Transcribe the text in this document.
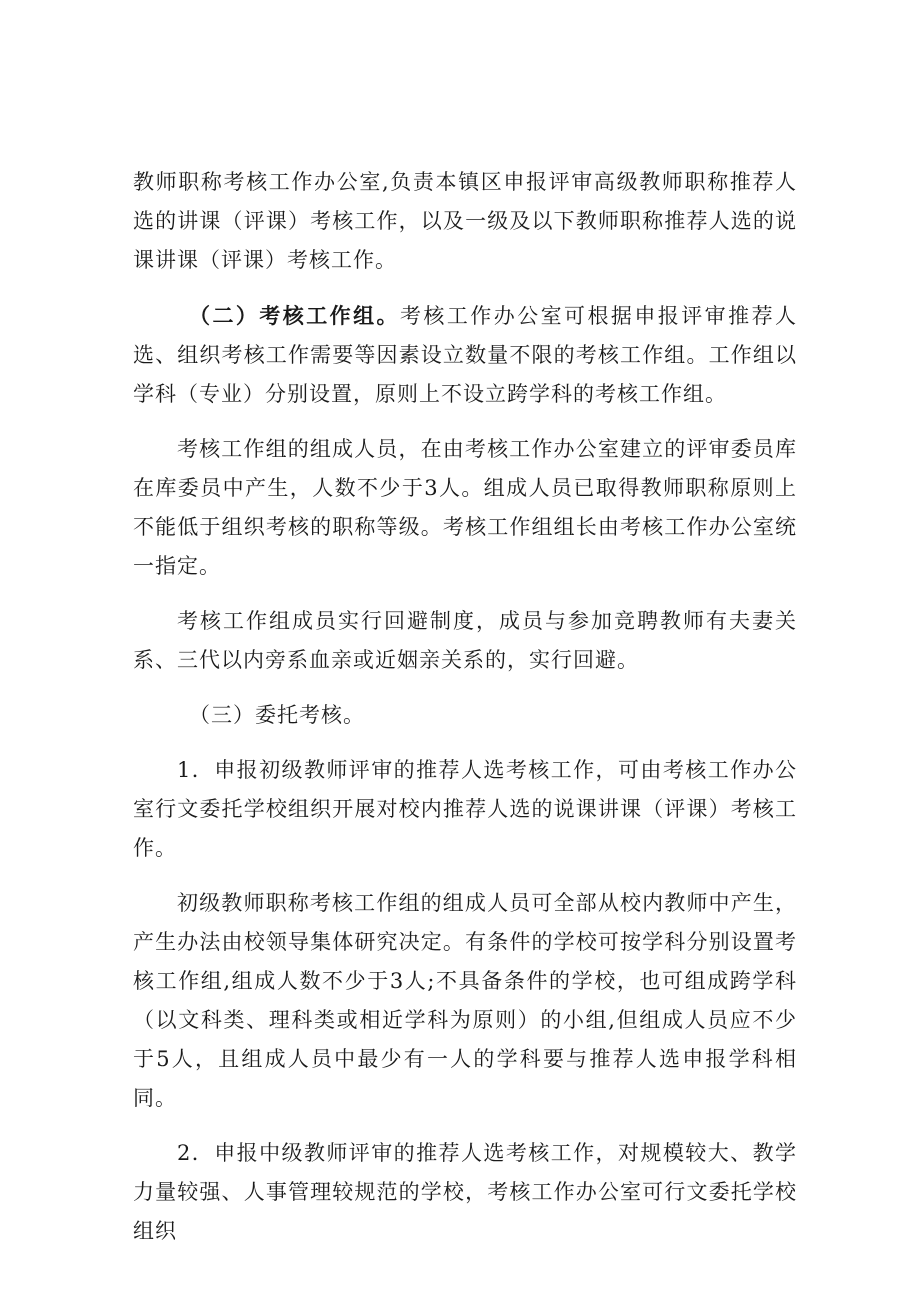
教师职称考核工作办公室,负责本镇区申报评审高级教师职称推荐人选的讲课（评课）考核工作，以及一级及以下教师职称推荐人选的说课讲课（评课）考核工作。

（二）考核工作组。考核工作办公室可根据申报评审推荐人选、组织考核工作需要等因素设立数量不限的考核工作组。工作组以学科（专业）分别设置，原则上不设立跨学科的考核工作组。

考核工作组的组成人员，在由考核工作办公室建立的评审委员库在库委员中产生，人数不少于3人。组成人员已取得教师职称原则上不能低于组织考核的职称等级。考核工作组组长由考核工作办公室统一指定。

考核工作组成员实行回避制度，成员与参加竞聘教师有夫妻关系、三代以内旁系血亲或近姻亲关系的，实行回避。

（三）委托考核。

1．申报初级教师评审的推荐人选考核工作，可由考核工作办公室行文委托学校组织开展对校内推荐人选的说课讲课（评课）考核工作。

初级教师职称考核工作组的组成人员可全部从校内教师中产生，产生办法由校领导集体研究决定。有条件的学校可按学科分别设置考核工作组,组成人数不少于3人;不具备条件的学校，也可组成跨学科（以文科类、理科类或相近学科为原则）的小组,但组成人员应不少于5人，且组成人员中最少有一人的学科要与推荐人选申报学科相同。

2．申报中级教师评审的推荐人选考核工作，对规模较大、教学力量较强、人事管理较规范的学校，考核工作办公室可行文委托学校组织
